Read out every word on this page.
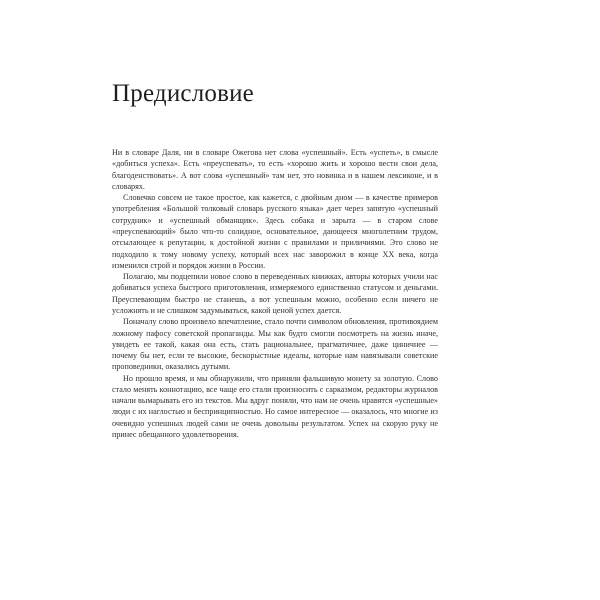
Предисловие

Ни в словаре Даля, ни в словаре Ожегова нет слова «успешный». Есть «успеть», в смысле «добиться успеха». Есть «преуспевать», то есть «хорошо жить и хорошо вести свои дела, благоденствовать». А вот слова «успешный» там нет, это новинка и в нашем лексиконе, и в словарях.

Словечко совсем не такое простое, как кажется, с двойным дном — в качестве примеров употребления «Большой толковый словарь русского языка» дает через запятую «успешный сотрудник» и «успешный обманщик». Здесь собака и зарыта — в старом слове «преуспевающий» было что-то солидное, основательное, дающееся многолетним трудом, отсылающее к репутации, к достойной жизни с правилами и приличиями. Это слово не подходило к тому новому успеху, который всех нас заворожил в конце XX века, когда изменился строй и порядок жизни в России.

Полагаю, мы подцепили новое слово в переведенных книжках, авторы которых учили нас добиваться успеха быстрого приготовления, измеряемого единственно статусом и деньгами. Преуспевающим быстро не станешь, а вот успешным можно, особенно если ничего не усложнять и не слишком задумываться, какой ценой успех дается.

Поначалу слово произвело впечатление, стало почти символом обновления, противоядием ложному пафосу советской пропаганды. Мы как будто смогли посмотреть на жизнь иначе, увидеть ее такой, какая она есть, стать рациональнее, прагматичнее, даже циничнее — почему бы нет, если те высокие, бескорыстные идеалы, которые нам навязывали советские проповедники, оказались дутыми.

Но прошло время, и мы обнаружили, что приняли фальшивую монету за золотую. Слово стало менять коннотацию, все чаще его стали произносить с сарказмом, редакторы журналов начали вымарывать его из текстов. Мы вдруг поняли, что нам не очень нравятся «успешные» люди с их наглостью и беспринципностью. Но самое интересное — оказалось, что многие из очевидно успешных людей сами не очень довольны результатом. Успех на скорую руку не принес обещанного удовлетворения.
